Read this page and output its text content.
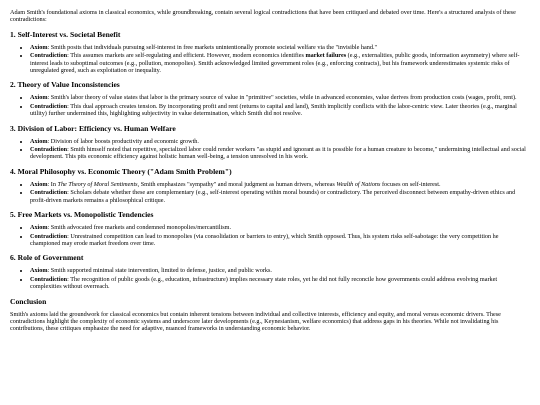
Adam Smith's foundational axioms in classical economics, while groundbreaking, contain several logical contradictions that have been critiqued and debated over time. Here's a structured analysis of these contradictions:

1. Self-Interest vs. Societal Benefit
• Axiom: Smith posits that individuals pursuing self-interest in free markets unintentionally promote societal welfare via the "invisible hand."
• Contradiction: This assumes markets are self-regulating and efficient. However, modern economics identifies market failures (e.g., externalities, public goods, information asymmetry) where self-interest leads to suboptimal outcomes (e.g., pollution, monopolies). Smith acknowledged limited government roles (e.g., enforcing contracts), but his framework underestimates systemic risks of unregulated greed, such as exploitation or inequality.
2. Theory of Value Inconsistencies
• Axiom: Smith's labor theory of value states that labor is the primary source of value in "primitive" societies, while in advanced economies, value derives from production costs (wages, profit, rent).
• Contradiction: This dual approach creates tension. By incorporating profit and rent (returns to capital and land), Smith implicitly conflicts with the labor-centric view. Later theories (e.g., marginal utility) further undermined this, highlighting subjectivity in value determination, which Smith did not resolve.
3. Division of Labor: Efficiency vs. Human Welfare
• Axiom: Division of labor boosts productivity and economic growth.
• Contradiction: Smith himself noted that repetitive, specialized labor could render workers "as stupid and ignorant as it is possible for a human creature to become," undermining intellectual and social development. This pits economic efficiency against holistic human well-being, a tension unresolved in his work.
4. Moral Philosophy vs. Economic Theory ("Adam Smith Problem")
• Axiom: In The Theory of Moral Sentiments, Smith emphasizes "sympathy" and moral judgment as human drivers, whereas Wealth of Nations focuses on self-interest.
• Contradiction: Scholars debate whether these are complementary (e.g., self-interest operating within moral bounds) or contradictory. The perceived disconnect between empathy-driven ethics and profit-driven markets remains a philosophical critique.
5. Free Markets vs. Monopolistic Tendencies
• Axiom: Smith advocated free markets and condemned monopolies/mercantilism.
• Contradiction: Unrestrained competition can lead to monopolies (via consolidation or barriers to entry), which Smith opposed. Thus, his system risks self-sabotage: the very competition he championed may erode market freedom over time.
6. Role of Government
• Axiom: Smith supported minimal state intervention, limited to defense, justice, and public works.
• Contradiction: The recognition of public goods (e.g., education, infrastructure) implies necessary state roles, yet he did not fully reconcile how governments could address evolving market complexities without overreach.
Conclusion

Smith's axioms laid the groundwork for classical economics but contain inherent tensions between individual and collective interests, efficiency and equity, and moral versus economic drivers. These contradictions highlight the complexity of economic systems and underscore later developments (e.g., Keynesianism, welfare economics) that address gaps in his theories. While not invalidating his contributions, these critiques emphasize the need for adaptive, nuanced frameworks in understanding economic behavior.
